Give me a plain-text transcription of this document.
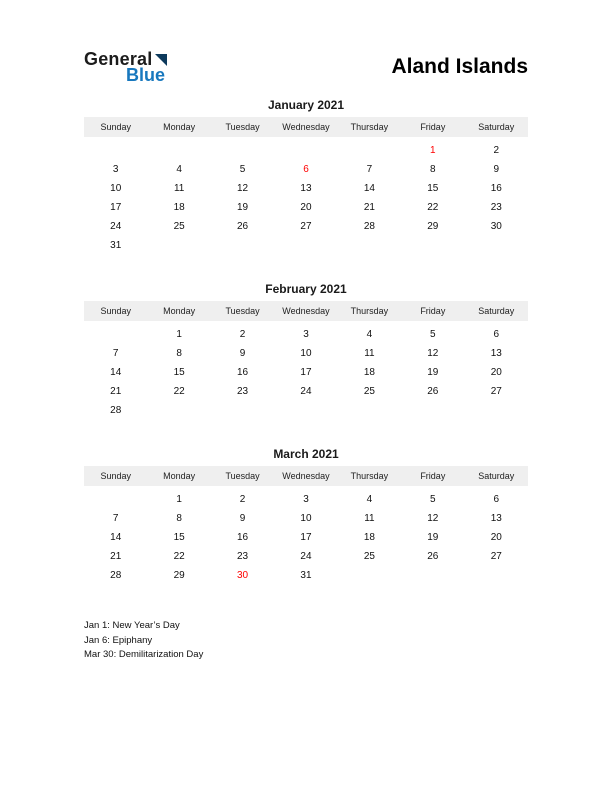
General
Blue	Aland Islands
January 2021
Sunday	Monday	Tuesday	Wednesday	Thursday	Friday	Saturday
					1	2
3	4	5	6	7	8	9
10	11	12	13	14	15	16
17	18	19	20	21	22	23
24	25	26	27	28	29	30
31						
February 2021
Sunday	Monday	Tuesday	Wednesday	Thursday	Friday	Saturday
	1	2	3	4	5	6
7	8	9	10	11	12	13
14	15	16	17	18	19	20
21	22	23	24	25	26	27
28						
March 2021
Sunday	Monday	Tuesday	Wednesday	Thursday	Friday	Saturday
	1	2	3	4	5	6
7	8	9	10	11	12	13
14	15	16	17	18	19	20
21	22	23	24	25	26	27
28	29	30	31			
Jan 1: New Year’s Day
Jan 6: Epiphany
Mar 30: Demilitarization Day
